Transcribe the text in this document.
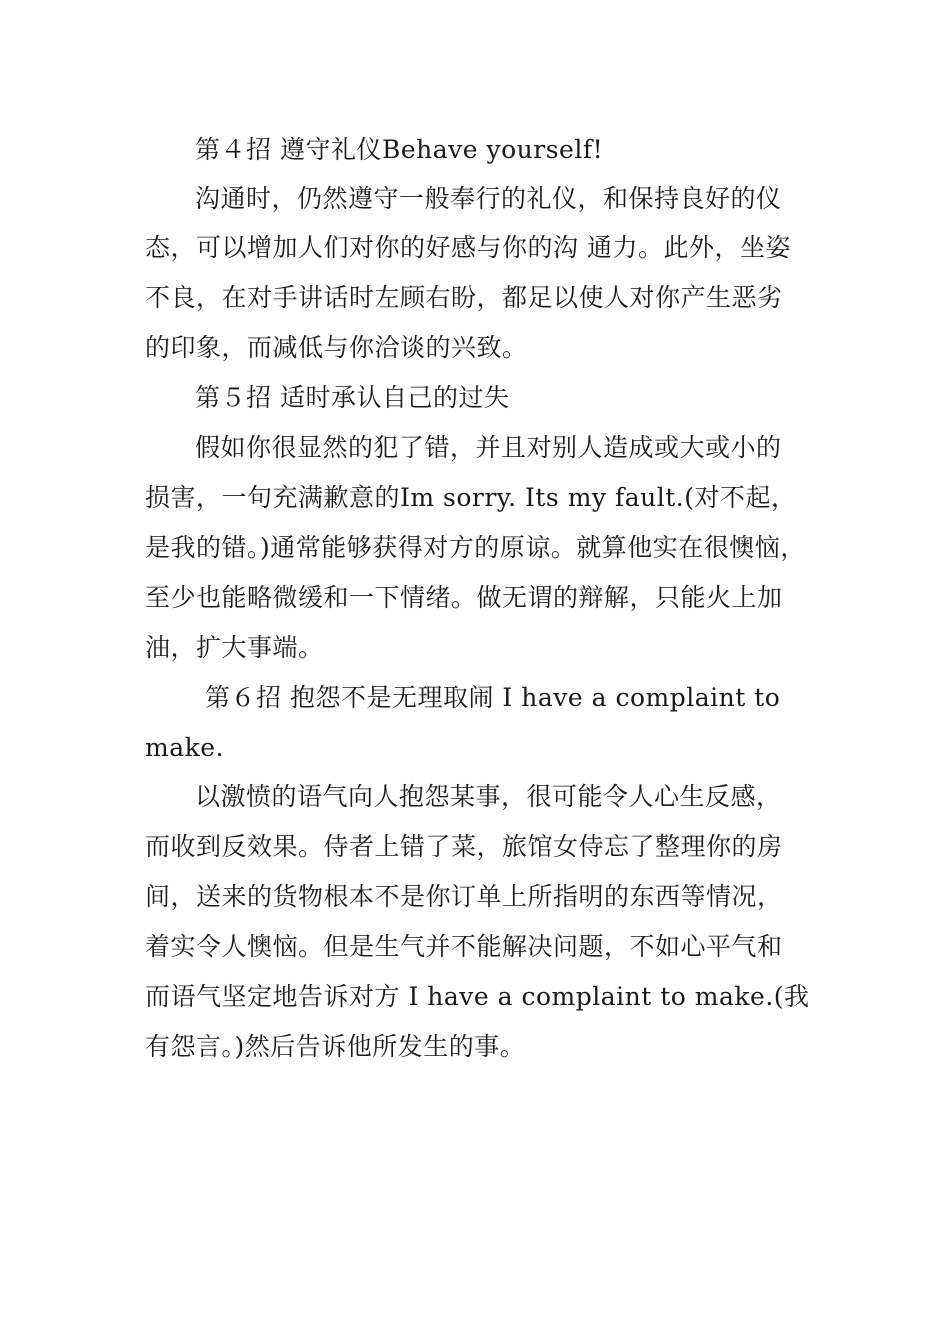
第４招 遵守礼仪Behave yourself!
沟通时，仍然遵守一般奉行的礼仪，和保持良好的仪
态，可以增加人们对你的好感与你的沟 通力。此外，坐姿
不良，在对手讲话时左顾右盼，都足以使人对你产生恶劣
的印象，而减低与你洽谈的兴致。
第５招 适时承认自己的过失
假如你很显然的犯了错，并且对别人造成或大或小的
损害，一句充满歉意的Im sorry. Its my fault.(对不起，
是我的错。)通常能够获得对方的原谅。就算他实在很懊恼，
至少也能略微缓和一下情绪。做无谓的辩解，只能火上加
油，扩大事端。
第６招 抱怨不是无理取闹 I have a complaint to
make.
以激愤的语气向人抱怨某事，很可能令人心生反感，
而收到反效果。侍者上错了菜，旅馆女侍忘了整理你的房
间，送来的货物根本不是你订单上所指明的东西等情况，
着实令人懊恼。但是生气并不能解决问题，不如心平气和
而语气坚定地告诉对方 I have a complaint to make.(我
有怨言。)然后告诉他所发生的事。
